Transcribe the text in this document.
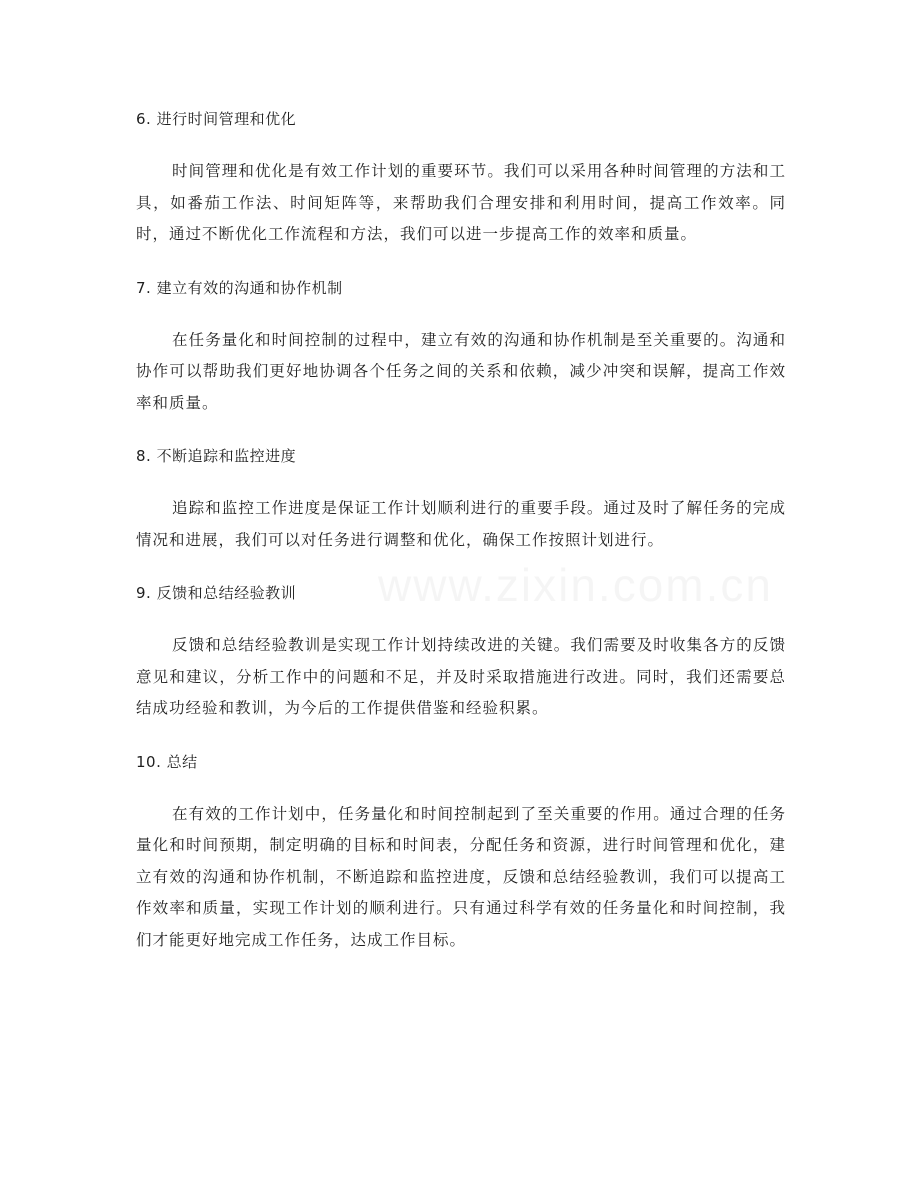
6. 进行时间管理和优化

时间管理和优化是有效工作计划的重要环节。我们可以采用各种时间管理的方法和工具，如番茄工作法、时间矩阵等，来帮助我们合理安排和利用时间，提高工作效率。同时，通过不断优化工作流程和方法，我们可以进一步提高工作的效率和质量。

7. 建立有效的沟通和协作机制

在任务量化和时间控制的过程中，建立有效的沟通和协作机制是至关重要的。沟通和协作可以帮助我们更好地协调各个任务之间的关系和依赖，减少冲突和误解，提高工作效率和质量。

8. 不断追踪和监控进度

追踪和监控工作进度是保证工作计划顺利进行的重要手段。通过及时了解任务的完成情况和进展，我们可以对任务进行调整和优化，确保工作按照计划进行。

9. 反馈和总结经验教训

反馈和总结经验教训是实现工作计划持续改进的关键。我们需要及时收集各方的反馈意见和建议，分析工作中的问题和不足，并及时采取措施进行改进。同时，我们还需要总结成功经验和教训，为今后的工作提供借鉴和经验积累。

10. 总结

在有效的工作计划中，任务量化和时间控制起到了至关重要的作用。通过合理的任务量化和时间预期，制定明确的目标和时间表，分配任务和资源，进行时间管理和优化，建立有效的沟通和协作机制，不断追踪和监控进度，反馈和总结经验教训，我们可以提高工作效率和质量，实现工作计划的顺利进行。只有通过科学有效的任务量化和时间控制，我们才能更好地完成工作任务，达成工作目标。
